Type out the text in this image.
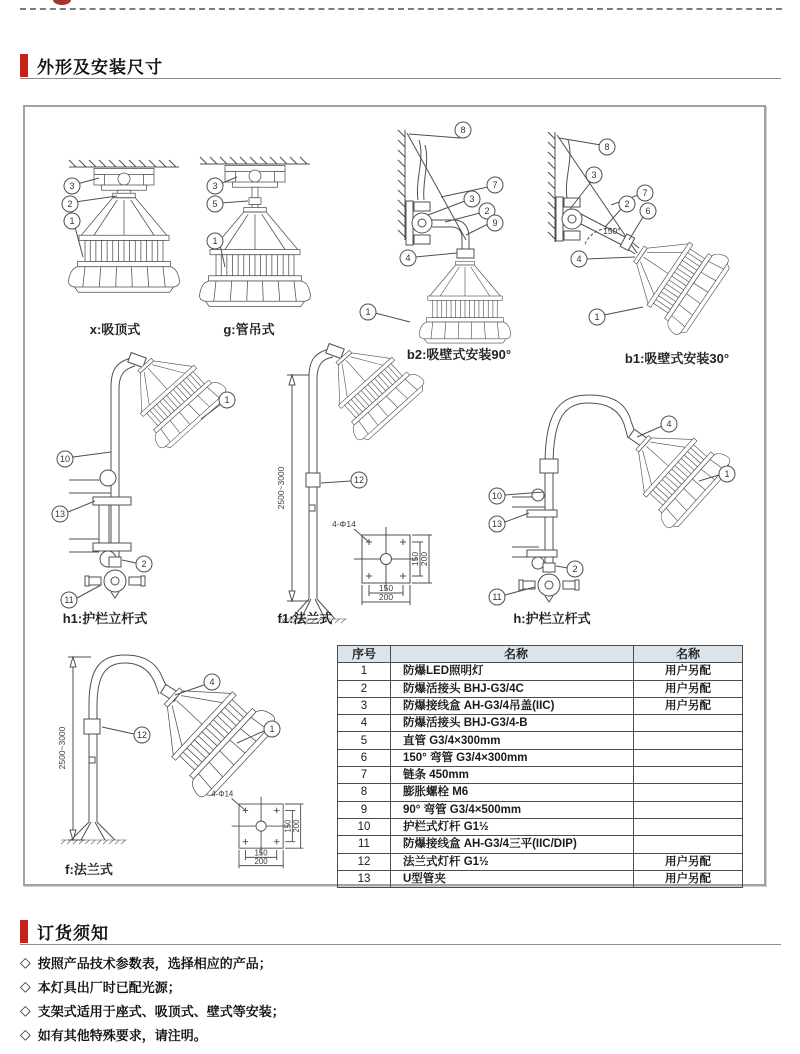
外形及安装尺寸
3
2
1
x:吸顶式
3
5
1
g:管吊式
8
7
3
2
9
4
1
b2:吸壁式安装90°
8
3
7
2
6
4
1
150°
b1:吸壁式安装30°
10
13
2
11
1
h1:护栏立杆式
2500~3000	12
f1:法兰式
150
200
150 200
4-Φ14
4
1
10
13
2
11
h:护栏立杆式
2500~3000
4
12
1
f:法兰式
150
200
150 200
4-Φ14
序号	名称	名称
1	防爆LED照明灯	用户另配
2	防爆活接头 BHJ-G3/4C	用户另配
3	防爆接线盒 AH-G3/4吊盖(IIC)	用户另配
4	防爆活接头 BHJ-G3/4-B	
5	直管 G3/4×300mm	
6	150° 弯管 G3/4×300mm	
7	链条 450mm	
8	膨胀螺栓 M6	
9	90° 弯管 G3/4×500mm	
10	护栏式灯杆 G1½	
11	防爆接线盒 AH-G3/4三平(IIC/DIP)	
12	法兰式灯杆 G1½	用户另配
13	U型管夹	用户另配
订货须知
◇ 按照产品技术参数表，选择相应的产品；
◇ 本灯具出厂时已配光源；
◇ 支架式适用于座式、吸顶式、壁式等安装；
◇ 如有其他特殊要求，请注明。
